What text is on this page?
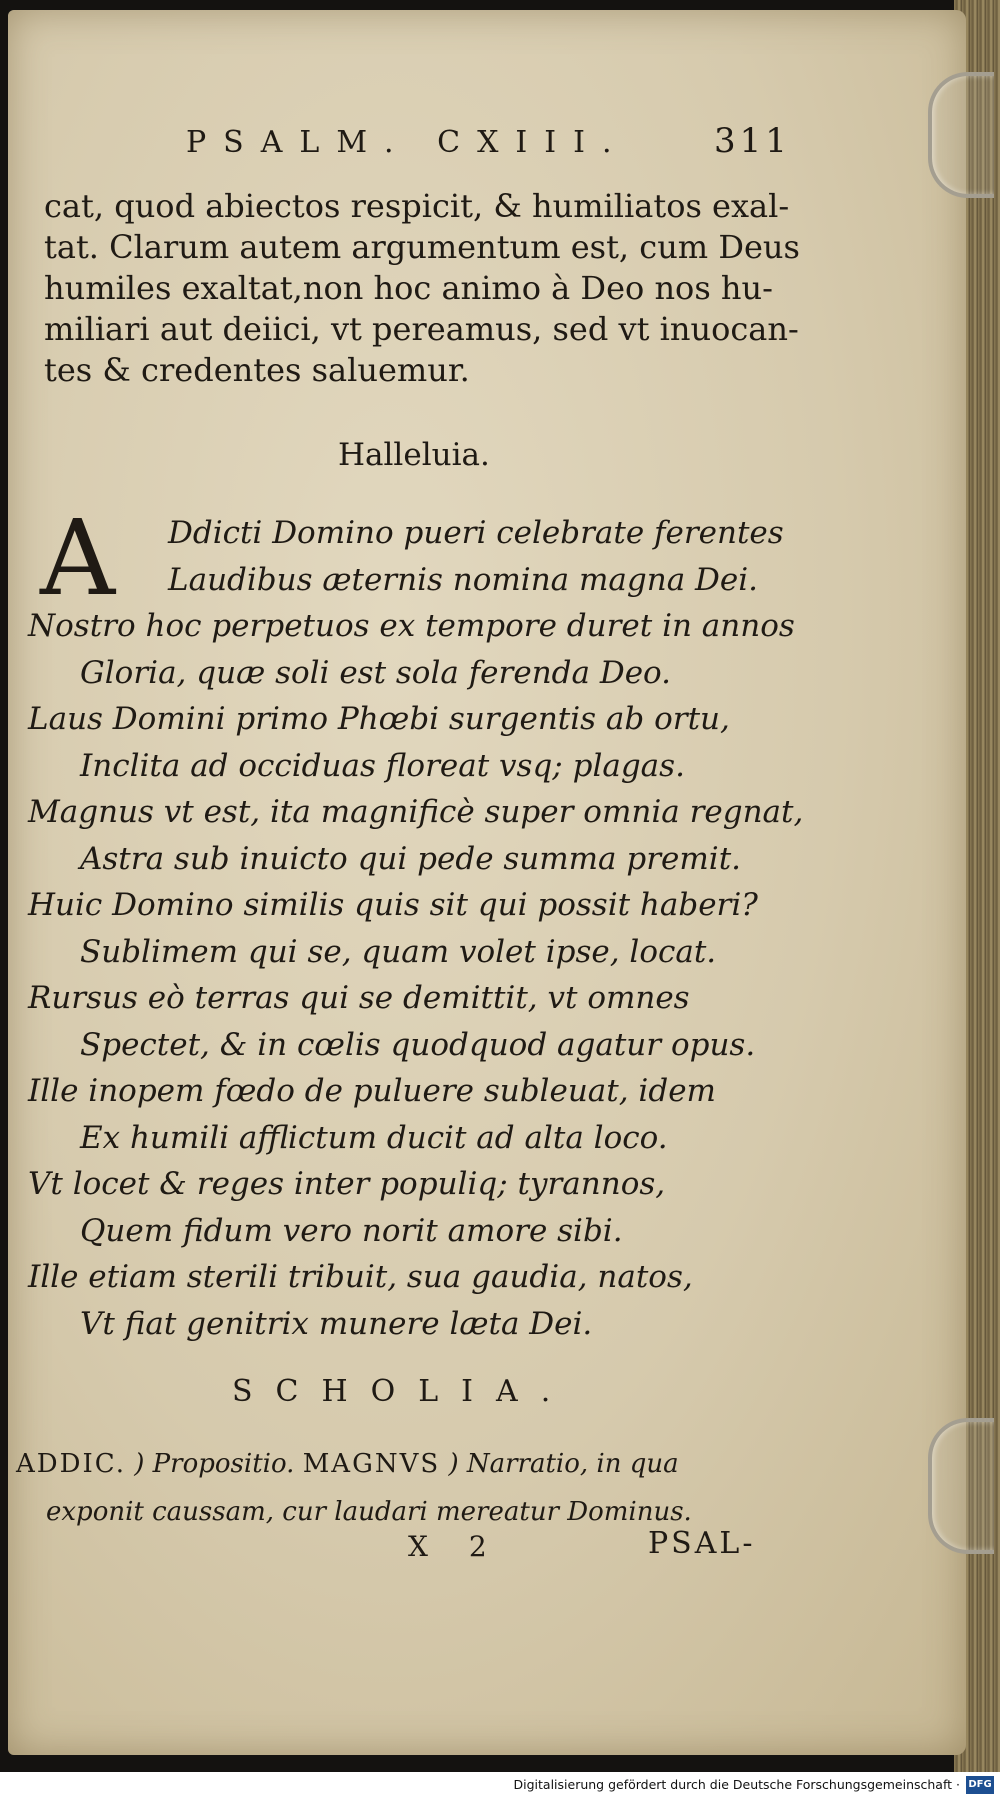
PSALM. CXIII.	311
cat, quod abiectos respicit, & humiliatos exal-
tat. Clarum autem argumentum est, cum Deus
humiles exaltat,non hoc animo à Deo nos hu-
miliari aut deiici, vt pereamus, sed vt inuocan-
tes & credentes saluemur.
Halleluia.
A	Ddicti Domino pueri celebrate ferentes
Laudibus æternis nomina magna Dei.
Nostro hoc perpetuos ex tempore duret in annos
Gloria, quæ soli est sola ferenda Deo.
Laus Domini primo Phœbi surgentis ab ortu,
Inclita ad occiduas floreat vsq; plagas.
Magnus vt est, ita magnificè super omnia regnat,
Astra sub inuicto qui pede summa premit.
Huic Domino similis quis sit qui possit haberi?
Sublimem qui se, quam volet ipse, locat.
Rursus eò terras qui se demittit, vt omnes
Spectet, & in cœlis quodquod agatur opus.
Ille inopem fœdo de puluere subleuat, idem
Ex humili afflictum ducit ad alta loco.
Vt locet & reges inter populiq; tyrannos,
Quem fidum vero norit amore sibi.
Ille etiam sterili tribuit, sua gaudia, natos,
Vt fiat genitrix munere læta Dei.
SCHOLIA.
ADDIC. ) Propositio. MAGNVS ) Narratio, in qua
exponit caussam, cur laudari mereatur Dominus.
X 2	PSAL-
Digitalisierung gefördert durch die Deutsche Forschungsgemeinschaft · DFG
